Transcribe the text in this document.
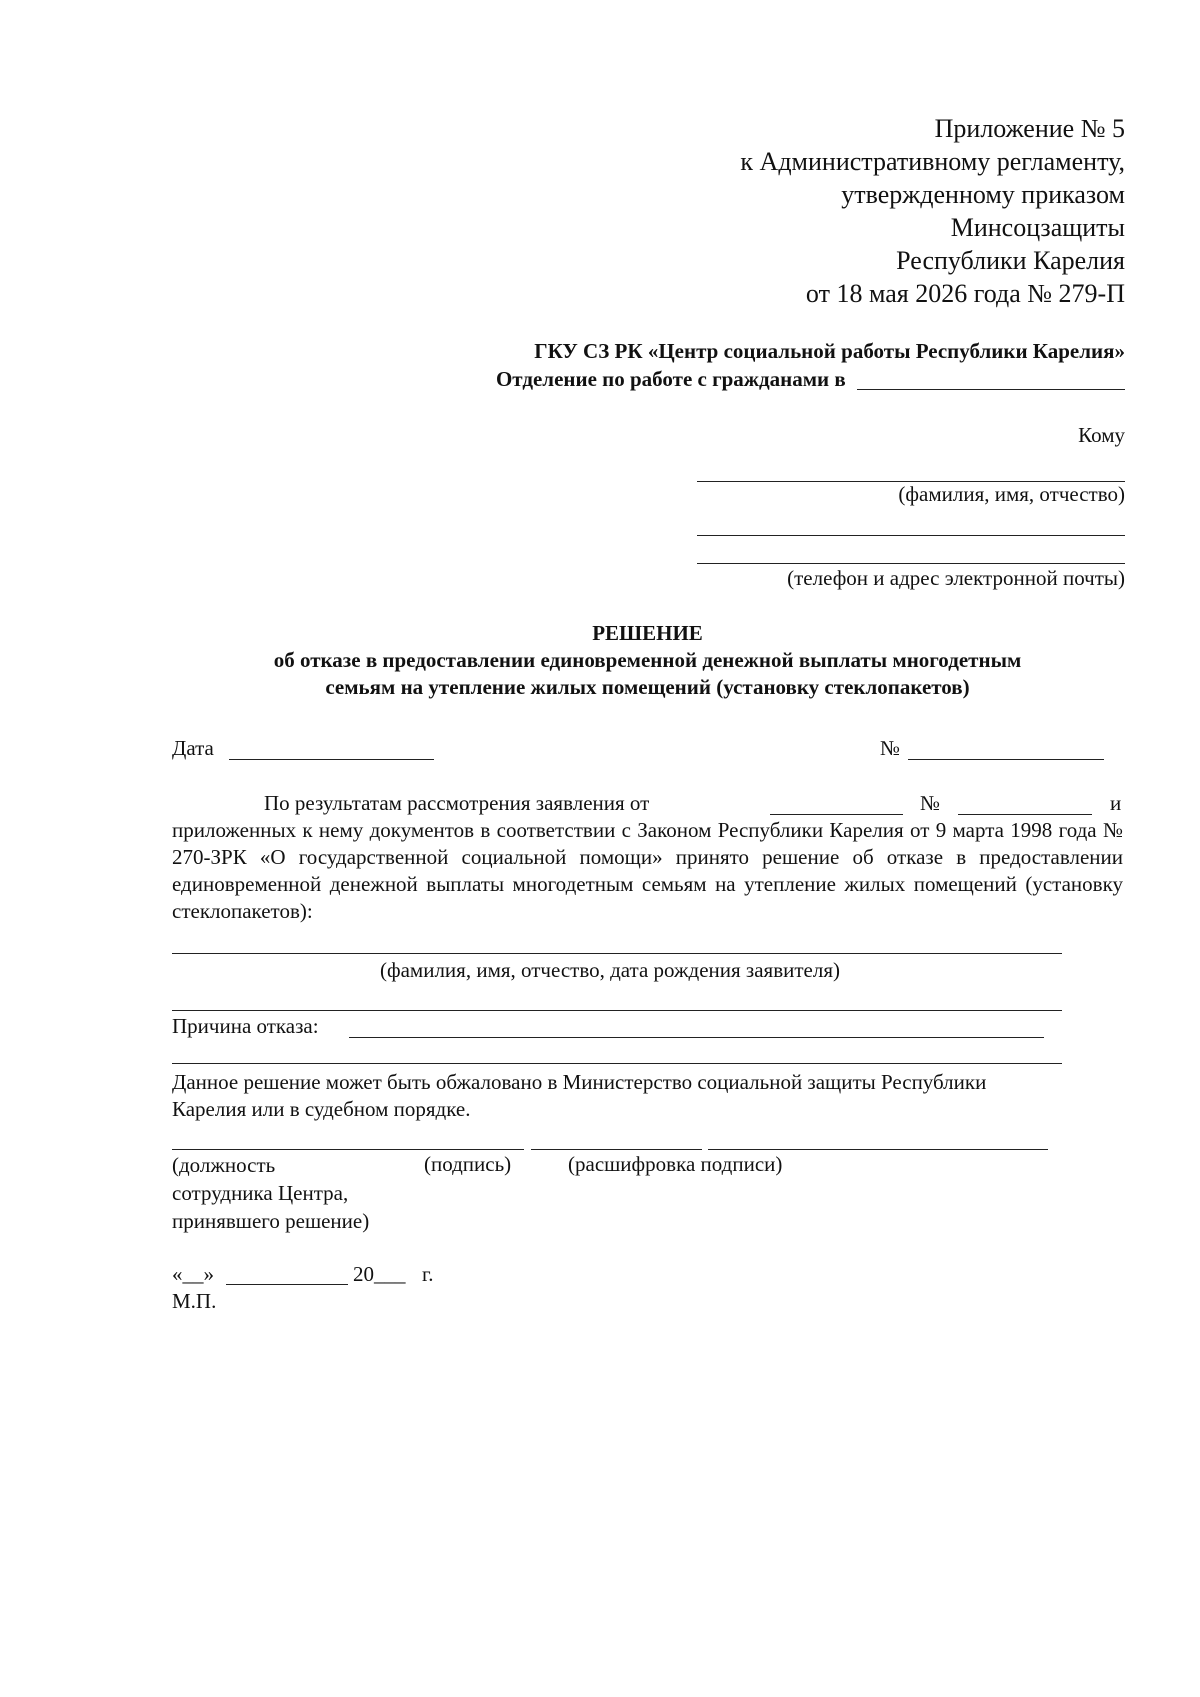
Приложение № 5
к Административному регламенту,
утвержденному приказом
Минсоцзащиты
Республики Карелия
от 18 мая 2026 года № 279-П
ГКУ СЗ РК «Центр социальной работы Республики Карелия»
Отделение по работе с гражданами в
Кому
(фамилия, имя, отчество)
(телефон и адрес электронной почты)
РЕШЕНИЕ
об отказе в предоставлении единовременной денежной выплаты многодетным
семьям на утепление жилых помещений (установку стеклопакетов)
Дата	№
По результатам рассмотрения заявления от	№	и
приложенных к нему документов в соответствии с Законом Республики Карелия от 9 марта 1998 года № 270-ЗРК «О государственной социальной помощи» принято решение об отказе в предоставлении единовременной денежной выплаты многодетным семьям на утепление жилых помещений (установку стеклопакетов):
(фамилия, имя, отчество, дата рождения заявителя)
Причина отказа:
Данное решение может быть обжаловано в Министерство социальной защиты Республики
Карелия или в судебном порядке.
(должность
сотрудника Центра,
принявшего решение)
(подпись)	(расшифровка подписи)
«__»	20___ г.
М.П.
